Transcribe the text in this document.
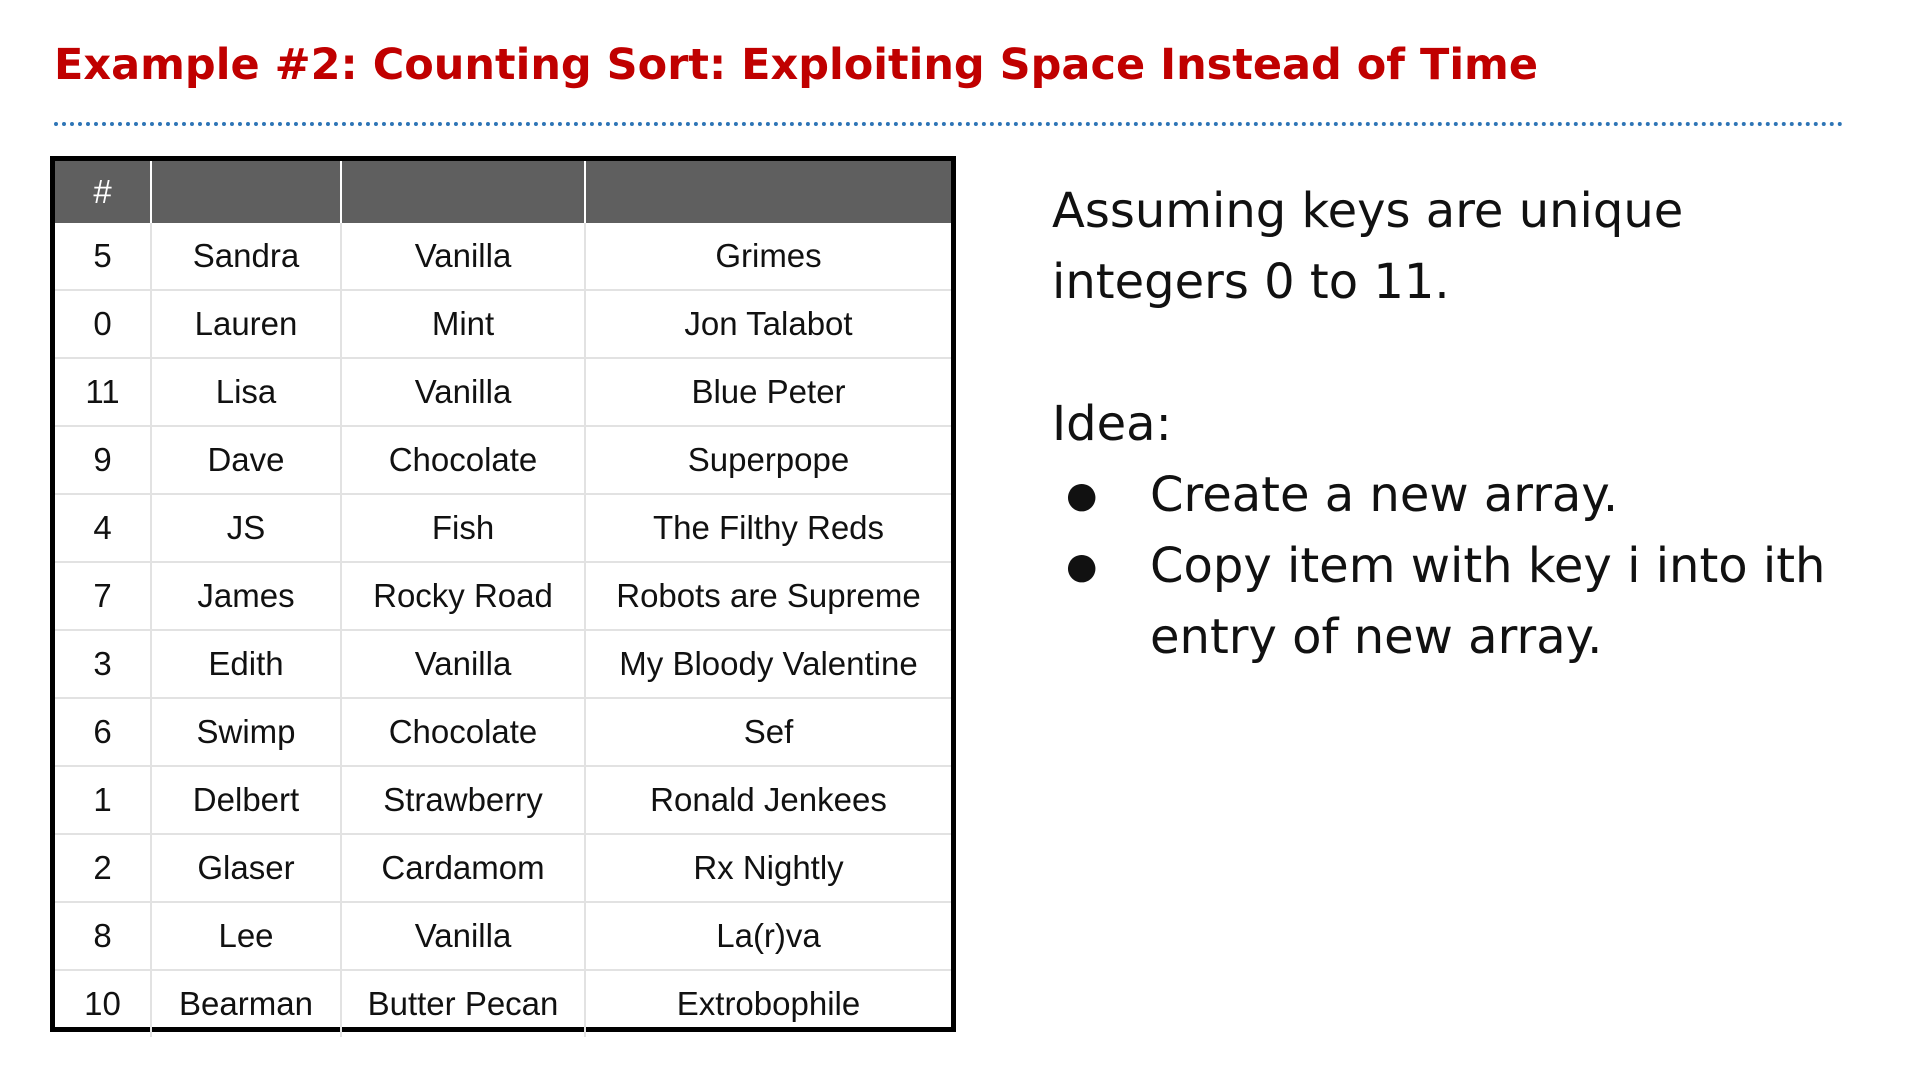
Example #2: Counting Sort: Exploiting Space Instead of Time
#			
5	Sandra	Vanilla	Grimes
0	Lauren	Mint	Jon Talabot
11	Lisa	Vanilla	Blue Peter
9	Dave	Chocolate	Superpope
4	JS	Fish	The Filthy Reds
7	James	Rocky Road	Robots are Supreme
3	Edith	Vanilla	My Bloody Valentine
6	Swimp	Chocolate	Sef
1	Delbert	Strawberry	Ronald Jenkees
2	Glaser	Cardamom	Rx Nightly
8	Lee	Vanilla	La(r)va
10	Bearman	Butter Pecan	Extrobophile

Assuming keys are unique integers 0 to 11.

Idea:

● Create a new array.
● Copy item with key i into ith entry of new array.
